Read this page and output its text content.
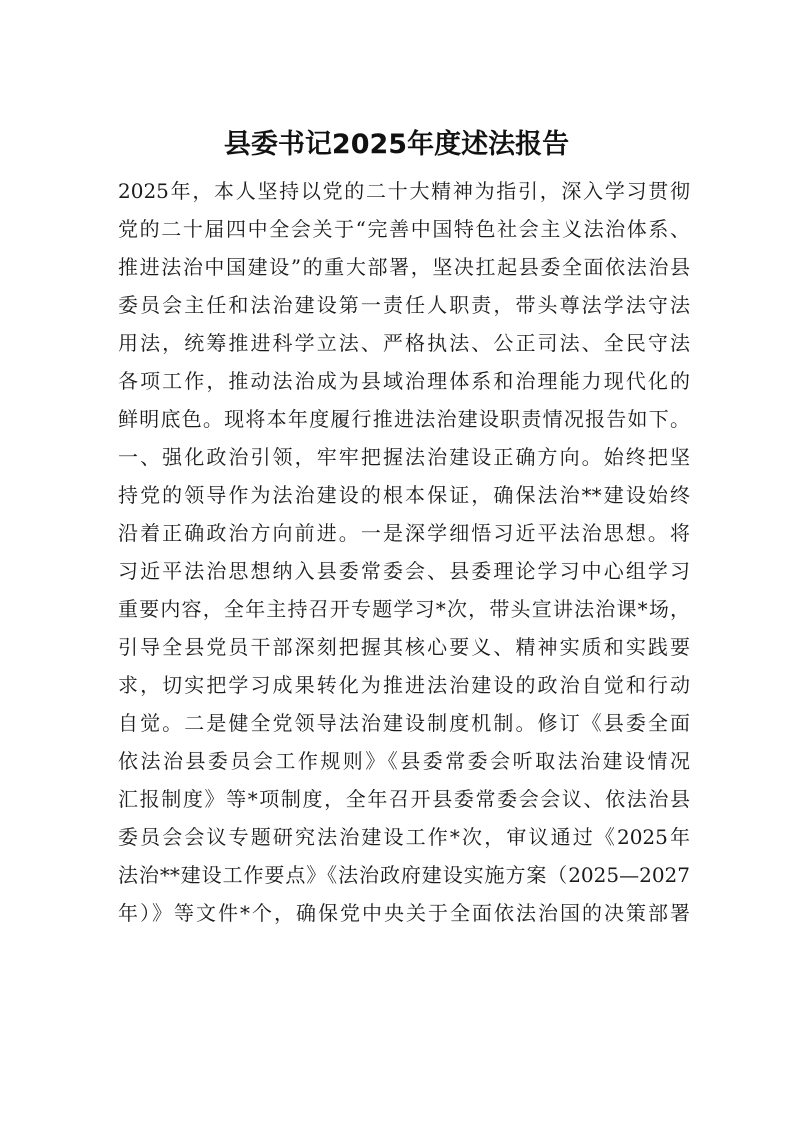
县委书记2025年度述法报告

2025年，本人坚持以党的二十大精神为指引，深入学习贯彻

党的二十届四中全会关于“完善中国特色社会主义法治体系、

推进法治中国建设”的重大部署，坚决扛起县委全面依法治县

委员会主任和法治建设第一责任人职责，带头尊法学法守法

用法，统筹推进科学立法、严格执法、公正司法、全民守法

各项工作，推动法治成为县域治理体系和治理能力现代化的

鲜明底色。现将本年度履行推进法治建设职责情况报告如下。

一、强化政治引领，牢牢把握法治建设正确方向。始终把坚

持党的领导作为法治建设的根本保证，确保法治**建设始终

沿着正确政治方向前进。一是深学细悟习近平法治思想。将

习近平法治思想纳入县委常委会、县委理论学习中心组学习

重要内容，全年主持召开专题学习*次，带头宣讲法治课*场，

引导全县党员干部深刻把握其核心要义、精神实质和实践要

求，切实把学习成果转化为推进法治建设的政治自觉和行动

自觉。二是健全党领导法治建设制度机制。修订《县委全面

依法治县委员会工作规则》《县委常委会听取法治建设情况

汇报制度》等*项制度，全年召开县委常委会会议、依法治县

委员会会议专题研究法治建设工作*次，审议通过《2025年

法治**建设工作要点》《法治政府建设实施方案（2025—2027

年）》等文件*个，确保党中央关于全面依法治国的决策部署
